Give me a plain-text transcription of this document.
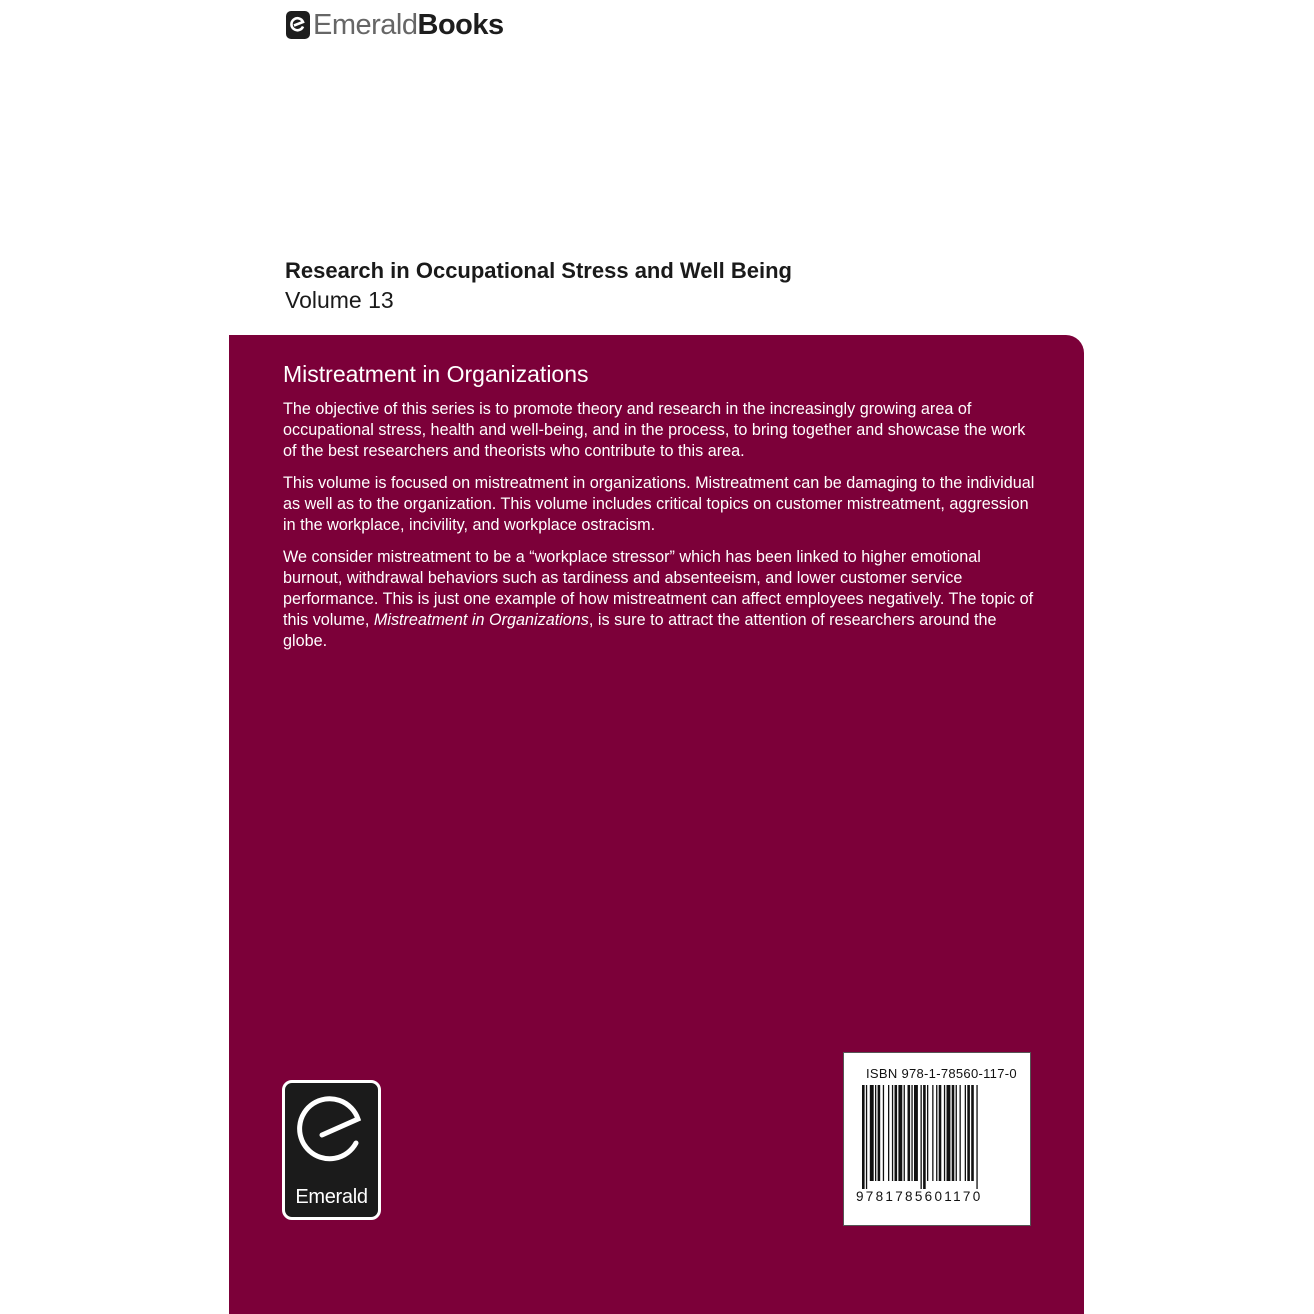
Emerald Books
Research in Occupational Stress and Well Being
Volume 13
Mistreatment in Organizations

The objective of this series is to promote theory and research in the increasingly growing area of occupational stress, health and well-being, and in the process, to bring together and showcase the work of the best researchers and theorists who contribute to this area.

This volume is focused on mistreatment in organizations. Mistreatment can be damaging to the individual as well as to the organization. This volume includes critical topics on customer mistreatment, aggression in the workplace, incivility, and workplace ostracism.

We consider mistreatment to be a “workplace stressor” which has been linked to higher emotional burnout, withdrawal behaviors such as tardiness and absenteeism, and lower customer service performance. This is just one example of how mistreatment can affect employees negatively. The topic of this volume, Mistreatment in Organizations, is sure to attract the attention of researchers around the globe.

Emerald
ISBN 978-1-78560-117-0
9781785601170
